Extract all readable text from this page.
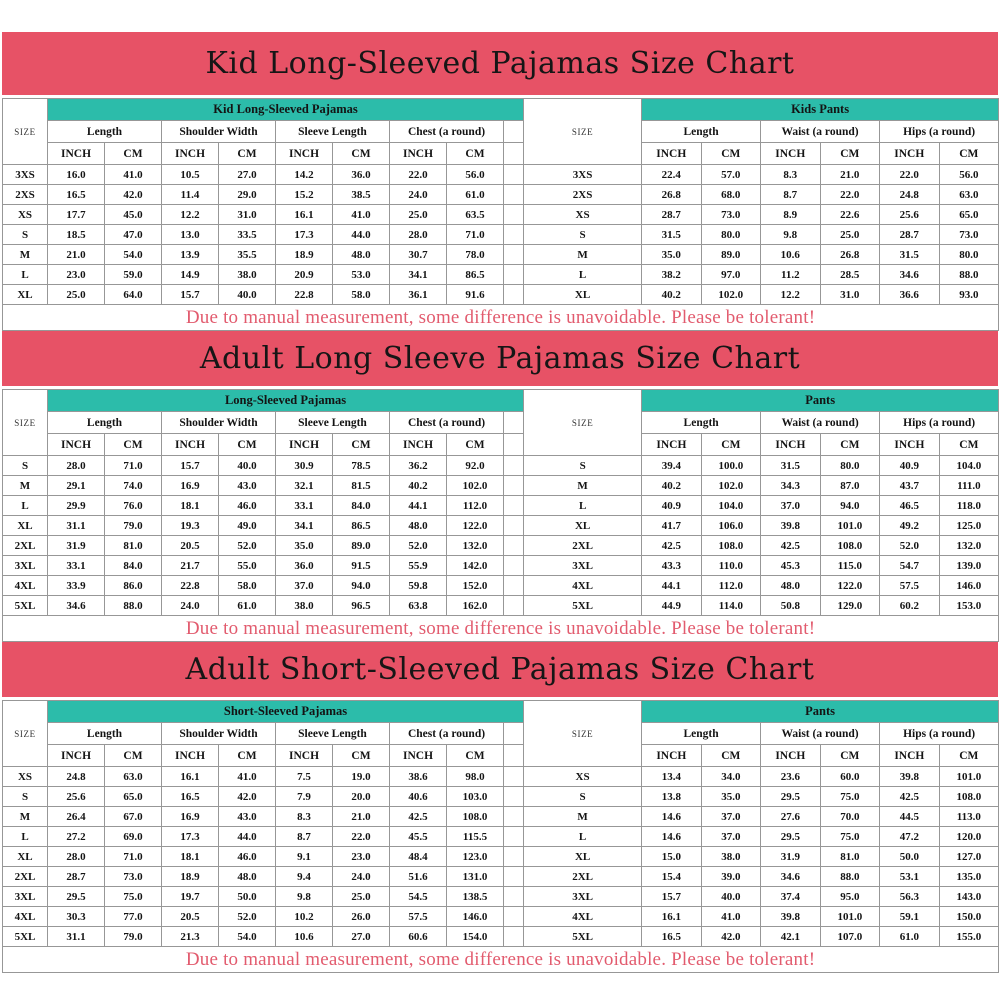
Kid Long-Sleeved Pajamas Size Chart
SIZE	Kid Long-Sleeved Pajamas									SIZE	Kids Pants					
	Length		Shoulder Width		Sleeve Length		Chest (a round)				Length		Waist (a round)		Hips (a round)	
	INCH	CM	INCH	CM	INCH	CM	INCH	CM			INCH	CM	INCH	CM	INCH	CM
3XS	16.0	41.0	10.5	27.0	14.2	36.0	22.0	56.0		3XS	22.4	57.0	8.3	21.0	22.0	56.0
2XS	16.5	42.0	11.4	29.0	15.2	38.5	24.0	61.0		2XS	26.8	68.0	8.7	22.0	24.8	63.0
XS	17.7	45.0	12.2	31.0	16.1	41.0	25.0	63.5		XS	28.7	73.0	8.9	22.6	25.6	65.0
S	18.5	47.0	13.0	33.5	17.3	44.0	28.0	71.0		S	31.5	80.0	9.8	25.0	28.7	73.0
M	21.0	54.0	13.9	35.5	18.9	48.0	30.7	78.0		M	35.0	89.0	10.6	26.8	31.5	80.0
L	23.0	59.0	14.9	38.0	20.9	53.0	34.1	86.5		L	38.2	97.0	11.2	28.5	34.6	88.0
XL	25.0	64.0	15.7	40.0	22.8	58.0	36.1	91.6		XL	40.2	102.0	12.2	31.0	36.6	93.0
Due to manual measurement, some difference is unavoidable. Please be tolerant!																
Adult Long Sleeve Pajamas Size Chart
SIZE	Long-Sleeved Pajamas									SIZE	Pants					
	Length		Shoulder Width		Sleeve Length		Chest (a round)				Length		Waist (a round)		Hips (a round)	
	INCH	CM	INCH	CM	INCH	CM	INCH	CM			INCH	CM	INCH	CM	INCH	CM
S	28.0	71.0	15.7	40.0	30.9	78.5	36.2	92.0		S	39.4	100.0	31.5	80.0	40.9	104.0
M	29.1	74.0	16.9	43.0	32.1	81.5	40.2	102.0		M	40.2	102.0	34.3	87.0	43.7	111.0
L	29.9	76.0	18.1	46.0	33.1	84.0	44.1	112.0		L	40.9	104.0	37.0	94.0	46.5	118.0
XL	31.1	79.0	19.3	49.0	34.1	86.5	48.0	122.0		XL	41.7	106.0	39.8	101.0	49.2	125.0
2XL	31.9	81.0	20.5	52.0	35.0	89.0	52.0	132.0		2XL	42.5	108.0	42.5	108.0	52.0	132.0
3XL	33.1	84.0	21.7	55.0	36.0	91.5	55.9	142.0		3XL	43.3	110.0	45.3	115.0	54.7	139.0
4XL	33.9	86.0	22.8	58.0	37.0	94.0	59.8	152.0		4XL	44.1	112.0	48.0	122.0	57.5	146.0
5XL	34.6	88.0	24.0	61.0	38.0	96.5	63.8	162.0		5XL	44.9	114.0	50.8	129.0	60.2	153.0
Due to manual measurement, some difference is unavoidable. Please be tolerant!																
Adult Short-Sleeved Pajamas Size Chart
SIZE	Short-Sleeved Pajamas									SIZE	Pants					
	Length		Shoulder Width		Sleeve Length		Chest (a round)				Length		Waist (a round)		Hips (a round)	
	INCH	CM	INCH	CM	INCH	CM	INCH	CM			INCH	CM	INCH	CM	INCH	CM
XS	24.8	63.0	16.1	41.0	7.5	19.0	38.6	98.0		XS	13.4	34.0	23.6	60.0	39.8	101.0
S	25.6	65.0	16.5	42.0	7.9	20.0	40.6	103.0		S	13.8	35.0	29.5	75.0	42.5	108.0
M	26.4	67.0	16.9	43.0	8.3	21.0	42.5	108.0		M	14.6	37.0	27.6	70.0	44.5	113.0
L	27.2	69.0	17.3	44.0	8.7	22.0	45.5	115.5		L	14.6	37.0	29.5	75.0	47.2	120.0
XL	28.0	71.0	18.1	46.0	9.1	23.0	48.4	123.0		XL	15.0	38.0	31.9	81.0	50.0	127.0
2XL	28.7	73.0	18.9	48.0	9.4	24.0	51.6	131.0		2XL	15.4	39.0	34.6	88.0	53.1	135.0
3XL	29.5	75.0	19.7	50.0	9.8	25.0	54.5	138.5		3XL	15.7	40.0	37.4	95.0	56.3	143.0
4XL	30.3	77.0	20.5	52.0	10.2	26.0	57.5	146.0		4XL	16.1	41.0	39.8	101.0	59.1	150.0
5XL	31.1	79.0	21.3	54.0	10.6	27.0	60.6	154.0		5XL	16.5	42.0	42.1	107.0	61.0	155.0
Due to manual measurement, some difference is unavoidable. Please be tolerant!																
